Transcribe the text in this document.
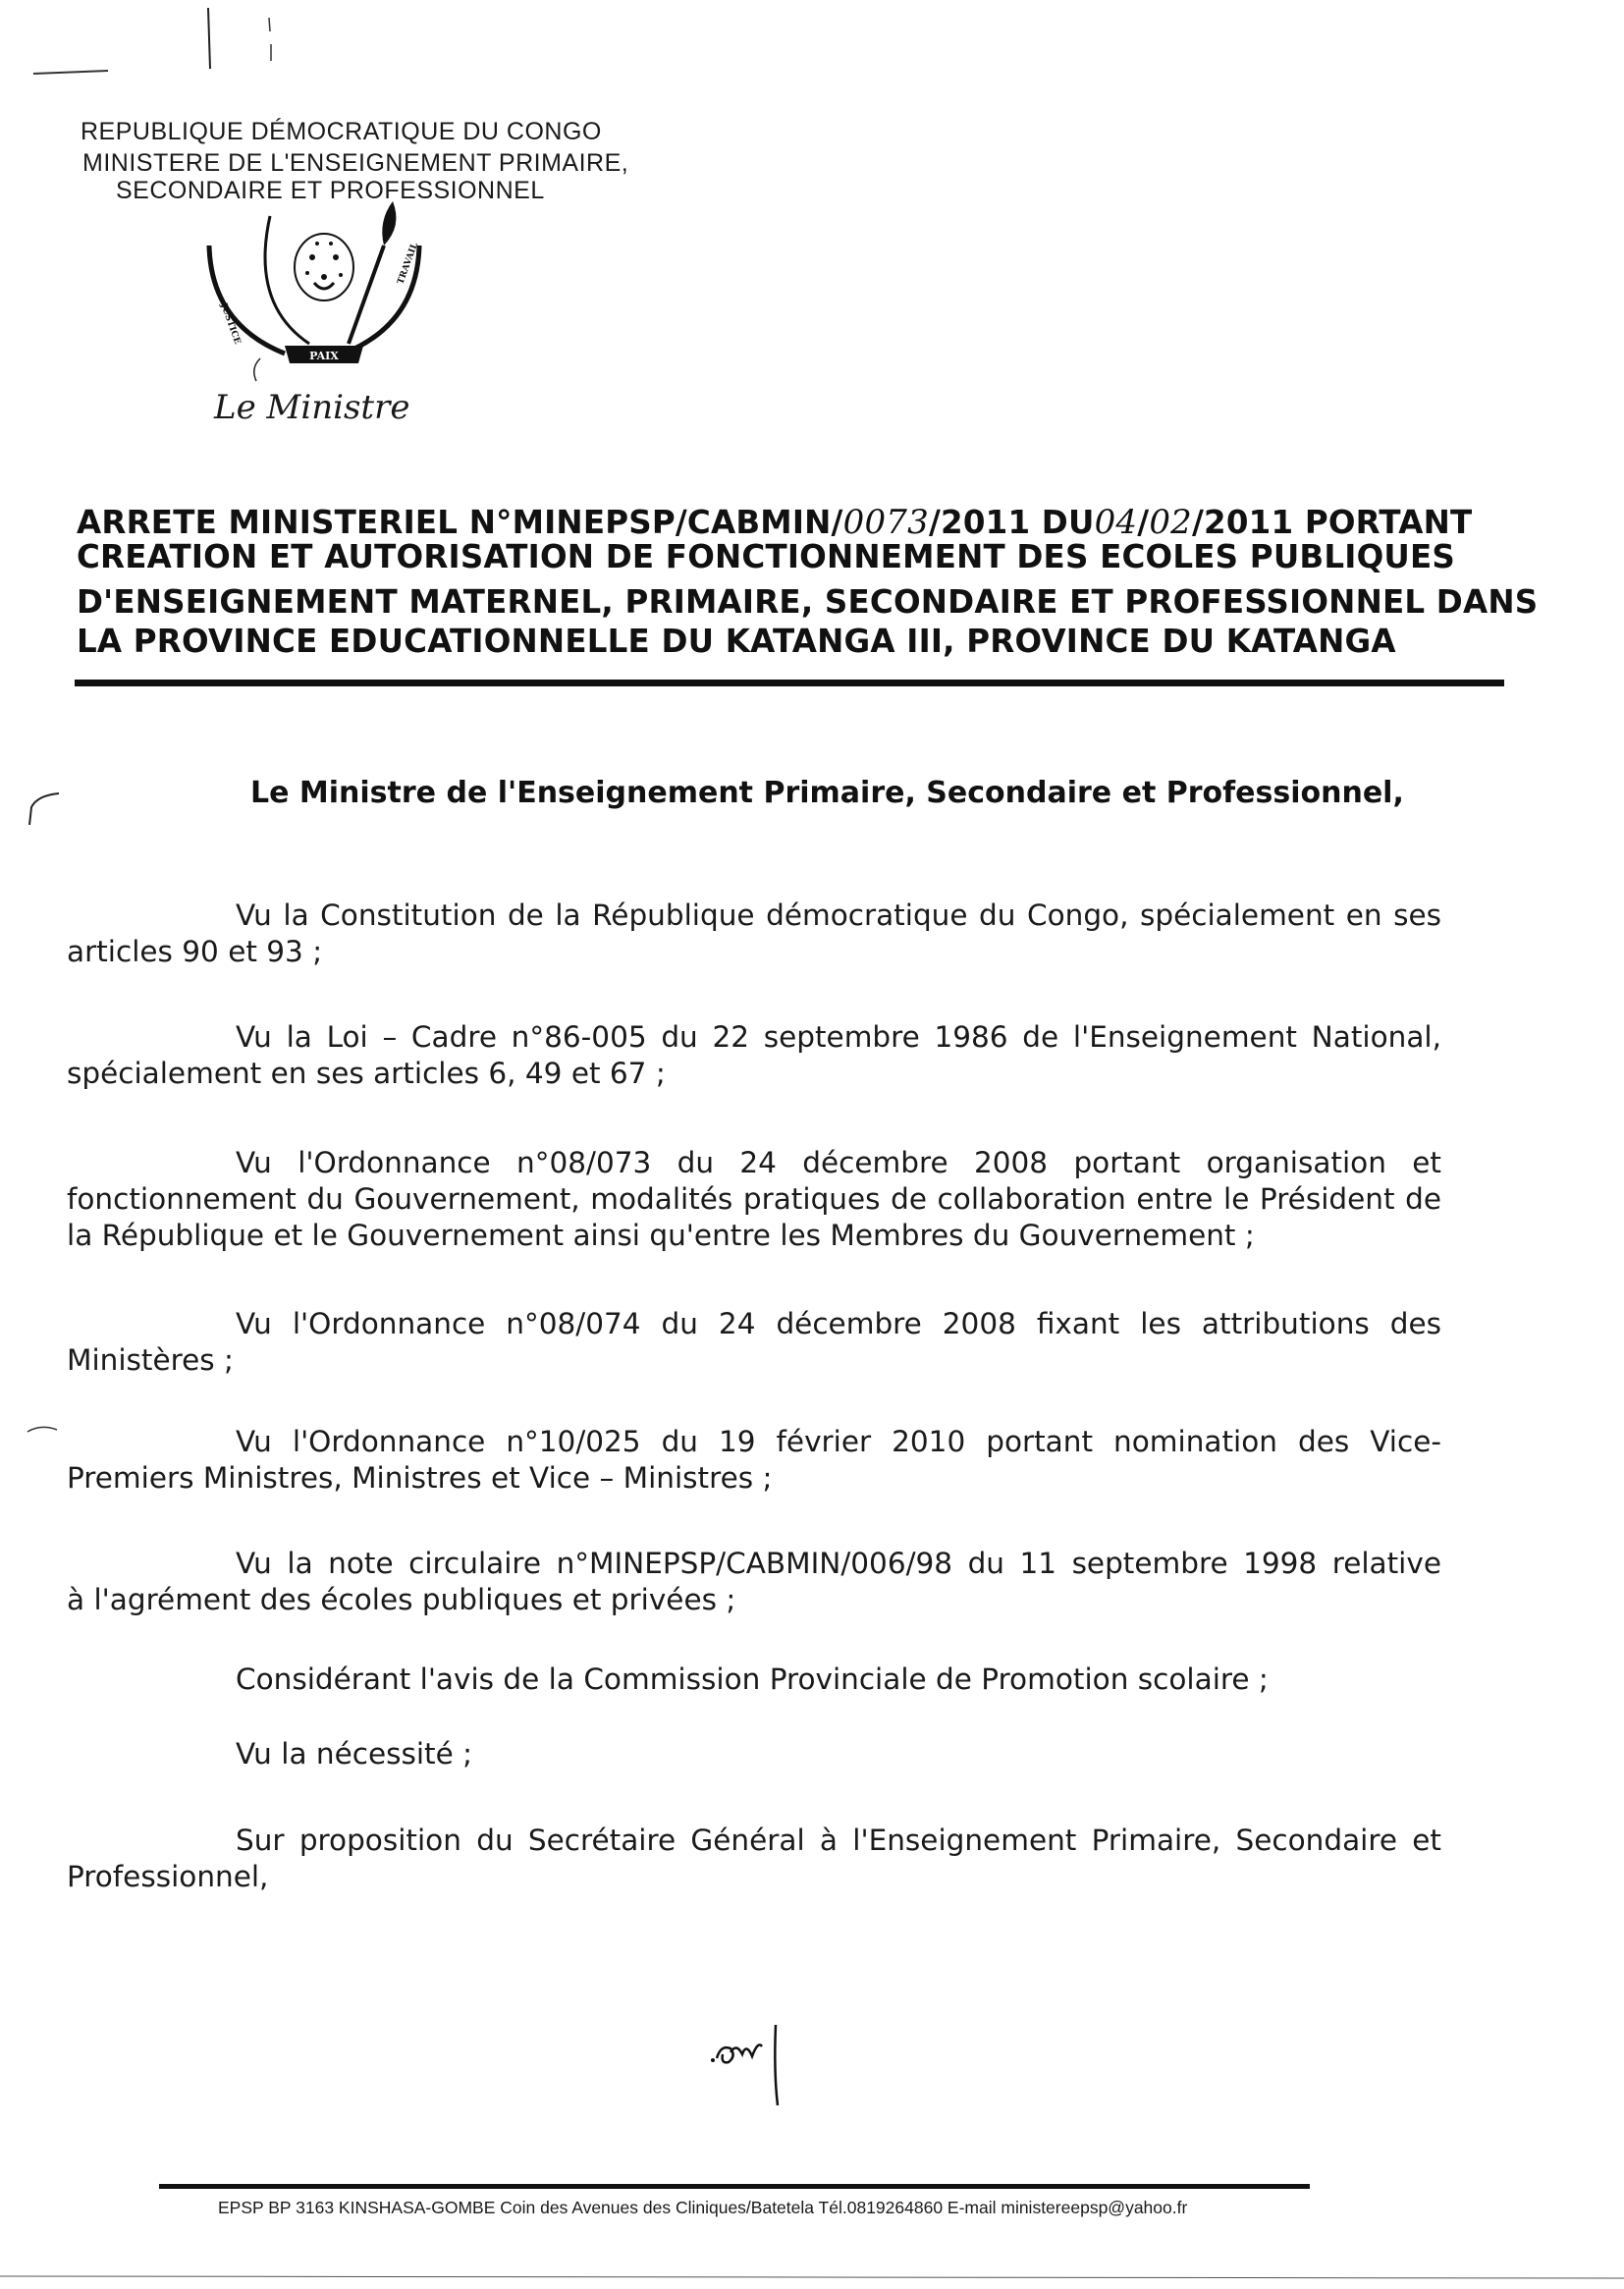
REPUBLIQUE DÉMOCRATIQUE DU CONGO
MINISTERE DE L'ENSEIGNEMENT PRIMAIRE,
SECONDAIRE ET PROFESSIONNEL
PAIX
JUSTICE
TRAVAIL
Le Ministre
ARRETE MINISTERIEL N°MINEPSP/CABMIN/0073/2011 DU04/02/2011 PORTANT
CREATION ET AUTORISATION DE FONCTIONNEMENT DES ECOLES PUBLIQUES
D'ENSEIGNEMENT MATERNEL, PRIMAIRE, SECONDAIRE ET PROFESSIONNEL DANS
LA PROVINCE EDUCATIONNELLE DU KATANGA III, PROVINCE DU KATANGA
Le Ministre de l'Enseignement Primaire, Secondaire et Professionnel,
Vu la Constitution de la République démocratique du Congo, spécialement en ses
articles 90 et 93 ;
Vu la Loi – Cadre n°86-005 du 22 septembre 1986 de l'Enseignement National,
spécialement en ses articles 6, 49 et 67 ;
Vu l'Ordonnance n°08/073 du 24 décembre 2008 portant organisation et
fonctionnement du Gouvernement, modalités pratiques de collaboration entre le Président de la République et le Gouvernement ainsi qu'entre les Membres du Gouvernement ;
Vu l'Ordonnance n°08/074 du 24 décembre 2008 fixant les attributions des
Ministères ;
Vu l'Ordonnance n°10/025 du 19 février 2010 portant nomination des Vice-
Premiers Ministres, Ministres et Vice – Ministres ;
Vu la note circulaire n°MINEPSP/CABMIN/006/98 du 11 septembre 1998 relative
à l'agrément des écoles publiques et privées ;
Considérant l'avis de la Commission Provinciale de Promotion scolaire ;
Vu la nécessité ;
Sur proposition du Secrétaire Général à l'Enseignement Primaire, Secondaire et
Professionnel,
EPSP BP 3163 KINSHASA-GOMBE Coin des Avenues des Cliniques/Batetela Tél.0819264860 E-mail ministereepsp@yahoo.fr
